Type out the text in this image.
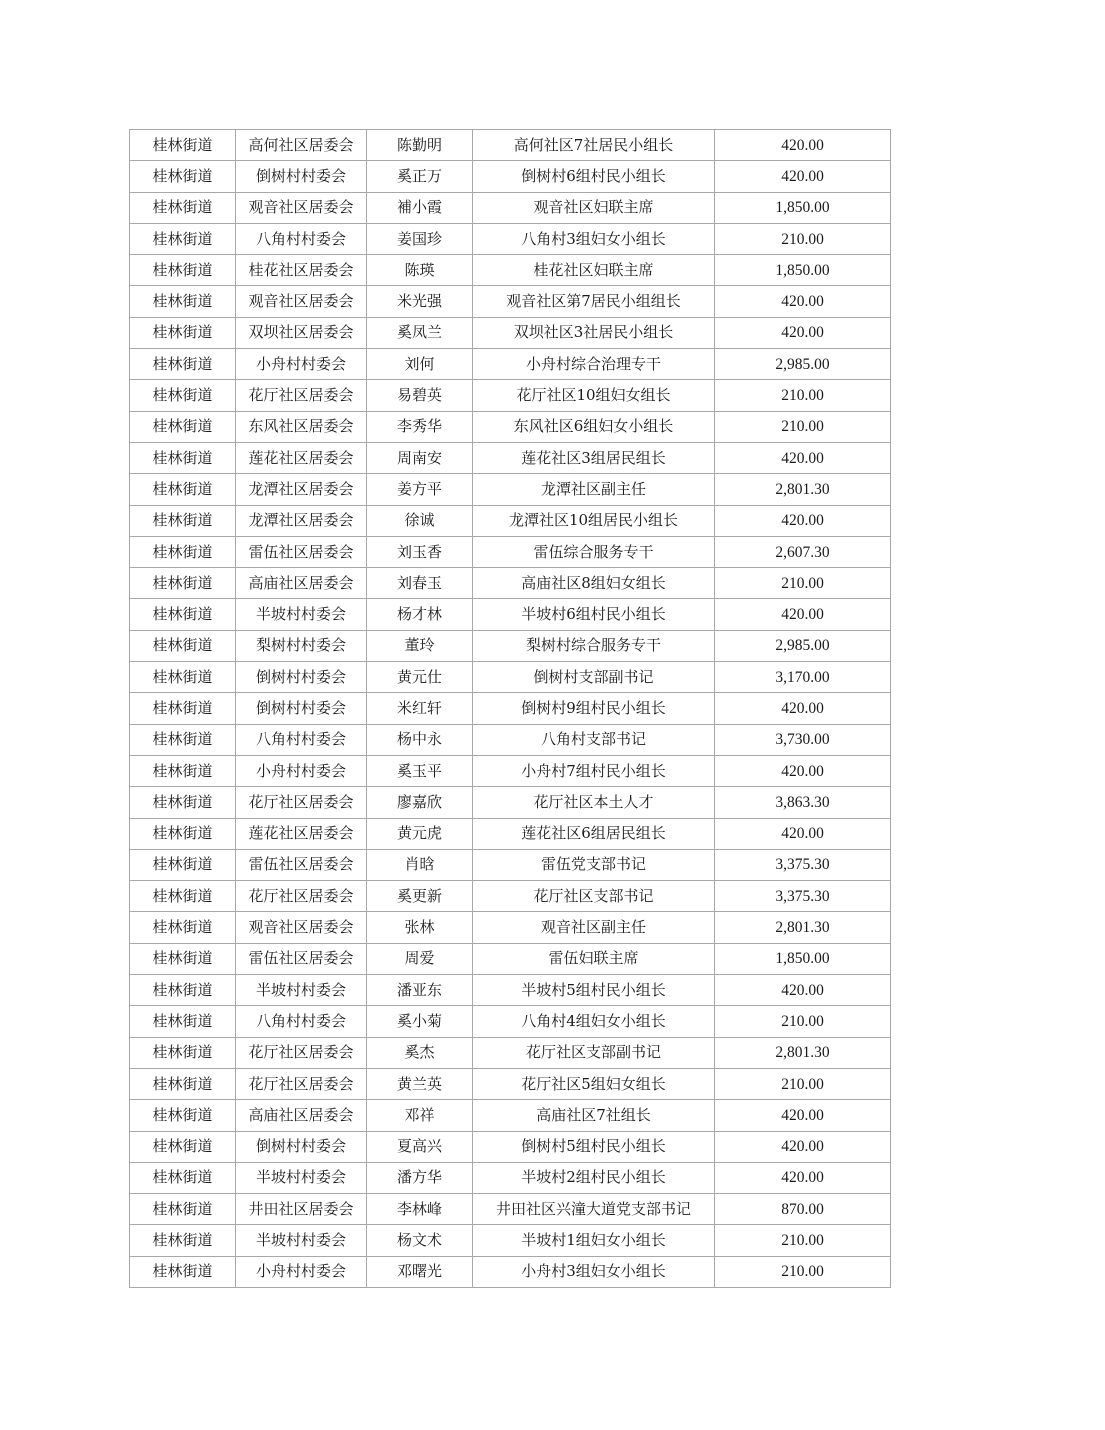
桂林街道	高何社区居委会	陈勤明	高何社区7社居民小组长	420.00
桂林街道	倒树村村委会	奚正万	倒树村6组村民小组长	420.00
桂林街道	观音社区居委会	補小霞	观音社区妇联主席	1,850.00
桂林街道	八角村村委会	姜国珍	八角村3组妇女小组长	210.00
桂林街道	桂花社区居委会	陈瑛	桂花社区妇联主席	1,850.00
桂林街道	观音社区居委会	米光强	观音社区第7居民小组组长	420.00
桂林街道	双坝社区居委会	奚凤兰	双坝社区3社居民小组长	420.00
桂林街道	小舟村村委会	刘何	小舟村综合治理专干	2,985.00
桂林街道	花厅社区居委会	易碧英	花厅社区10组妇女组长	210.00
桂林街道	东风社区居委会	李秀华	东风社区6组妇女小组长	210.00
桂林街道	莲花社区居委会	周南安	莲花社区3组居民组长	420.00
桂林街道	龙潭社区居委会	姜方平	龙潭社区副主任	2,801.30
桂林街道	龙潭社区居委会	徐诚	龙潭社区10组居民小组长	420.00
桂林街道	雷伍社区居委会	刘玉香	雷伍综合服务专干	2,607.30
桂林街道	高庙社区居委会	刘春玉	高庙社区8组妇女组长	210.00
桂林街道	半坡村村委会	杨才林	半坡村6组村民小组长	420.00
桂林街道	梨树村村委会	董玲	梨树村综合服务专干	2,985.00
桂林街道	倒树村村委会	黄元仕	倒树村支部副书记	3,170.00
桂林街道	倒树村村委会	米红轩	倒树村9组村民小组长	420.00
桂林街道	八角村村委会	杨中永	八角村支部书记	3,730.00
桂林街道	小舟村村委会	奚玉平	小舟村7组村民小组长	420.00
桂林街道	花厅社区居委会	廖嘉欣	花厅社区本土人才	3,863.30
桂林街道	莲花社区居委会	黄元虎	莲花社区6组居民组长	420.00
桂林街道	雷伍社区居委会	肖晗	雷伍党支部书记	3,375.30
桂林街道	花厅社区居委会	奚更新	花厅社区支部书记	3,375.30
桂林街道	观音社区居委会	张林	观音社区副主任	2,801.30
桂林街道	雷伍社区居委会	周爱	雷伍妇联主席	1,850.00
桂林街道	半坡村村委会	潘亚东	半坡村5组村民小组长	420.00
桂林街道	八角村村委会	奚小菊	八角村4组妇女小组长	210.00
桂林街道	花厅社区居委会	奚杰	花厅社区支部副书记	2,801.30
桂林街道	花厅社区居委会	黄兰英	花厅社区5组妇女组长	210.00
桂林街道	高庙社区居委会	邓祥	高庙社区7社组长	420.00
桂林街道	倒树村村委会	夏高兴	倒树村5组村民小组长	420.00
桂林街道	半坡村村委会	潘方华	半坡村2组村民小组长	420.00
桂林街道	井田社区居委会	李林峰	井田社区兴潼大道党支部书记	870.00
桂林街道	半坡村村委会	杨文术	半坡村1组妇女小组长	210.00
桂林街道	小舟村村委会	邓曙光	小舟村3组妇女小组长	210.00
